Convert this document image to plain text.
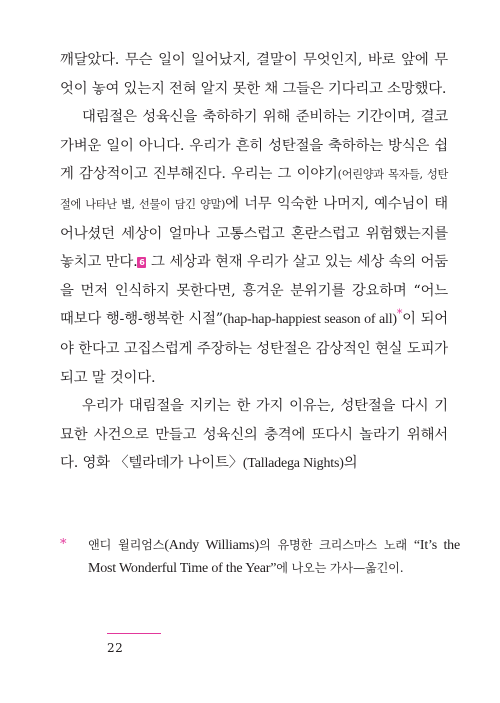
깨달았다. 무슨 일이 일어났지, 결말이 무엇인지, 바로 앞에 무엇이 놓여 있는지 전혀 알지 못한 채 그들은 기다리고 소망했다.

대림절은 성육신을 축하하기 위해 준비하는 기간이며, 결코 가벼운 일이 아니다. 우리가 흔히 성탄절을 축하하는 방식은 쉽게 감상적이고 진부해진다. 우리는 그 이야기(어린양과 목자들, 성탄절에 나타난 별, 선물이 담긴 양말)에 너무 익숙한 나머지, 예수님이 태어나셨던 세상이 얼마나 고통스럽고 혼란스럽고 위험했는지를 놓치고 만다. 6 그 세상과 현재 우리가 살고 있는 세상 속의 어둠을 먼저 인식하지 못한다면, 흥겨운 분위기를 강요하며 “어느 때보다 행-행-행복한 시절”(hap-hap-happiest season of all)*이 되어야 한다고 고집스럽게 주장하는 성탄절은 감상적인 현실 도피가 되고 말 것이다.

우리가 대림절을 지키는 한 가지 이유는, 성탄절을 다시 기묘한 사건으로 만들고 성육신의 충격에 또다시 놀라기 위해서다. 영화 〈텔라데가 나이트〉(Talladega Nights)의

* 앤디 윌리엄스(Andy Williams)의 유명한 크리스마스 노래 “It’s the Most Wonderful Time of the Year”에 나오는 가사—옮긴이.

22
